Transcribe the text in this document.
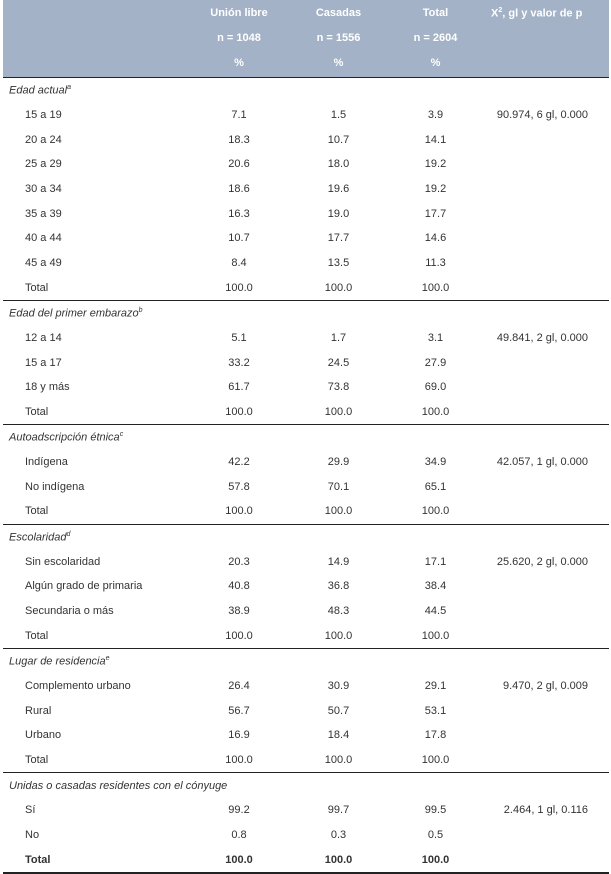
	Unión libre	Casadas	Total	$X^2$, gl y valor de p
	n = 1048	n = 1556	n = 2604	
	%	%	%	

Edad actual$^a$
15 a 19	7.1	1.5	3.9	90.974, 6 gl, 0.000
20 a 24	18.3	10.7	14.1	
25 a 29	20.6	18.0	19.2	
30 a 34	18.6	19.6	19.2	
35 a 39	16.3	19.0	17.7	
40 a 44	10.7	17.7	14.6	
45 a 49	8.4	13.5	11.3	
Total	100.0	100.0	100.0	
Edad del primer embarazo$^b$
12 a 14	5.1	1.7	3.1	49.841, 2 gl, 0.000
15 a 17	33.2	24.5	27.9	
18 y más	61.7	73.8	69.0	
Total	100.0	100.0	100.0	
Autoadscripción étnica$^c$
Indígena	42.2	29.9	34.9	42.057, 1 gl, 0.000
No indígena	57.8	70.1	65.1	
Total	100.0	100.0	100.0	
Escolaridad$^d$
Sin escolaridad	20.3	14.9	17.1	25.620, 2 gl, 0.000
Algún grado de primaria	40.8	36.8	38.4	
Secundaria o más	38.9	48.3	44.5	
Total	100.0	100.0	100.0	
Lugar de residencia$^e$
Complemento urbano	26.4	30.9	29.1	9.470, 2 gl, 0.009
Rural	56.7	50.7	53.1	
Urbano	16.9	18.4	17.8	
Total	100.0	100.0	100.0	
Unidas o casadas residentes con el cónyuge				
Sí	99.2	99.7	99.5	2.464, 1 gl, 0.116
No	0.8	0.3	0.5	
Total	100.0	100.0	100.0	
